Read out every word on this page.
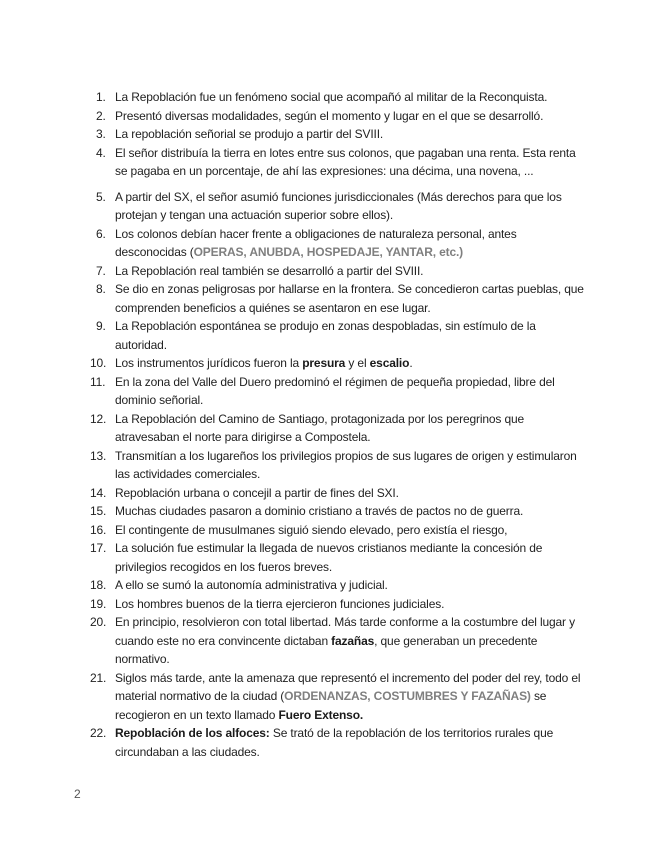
1. La Repoblación fue un fenómeno social que acompañó al militar de la Reconquista.
2. Presentó diversas modalidades, según el momento y lugar en el que se desarrolló.
3. La repoblación señorial se produjo a partir del SVIII.
4. El señor distribuía la tierra en lotes entre sus colonos, que pagaban una renta. Esta renta se pagaba en un porcentaje, de ahí las expresiones: una décima, una novena, ...
5. A partir del SX, el señor asumió funciones jurisdiccionales (Más derechos para que los protejan y tengan una actuación superior sobre ellos).
6. Los colonos debían hacer frente a obligaciones de naturaleza personal, antes desconocidas (OPERAS, ANUBDA, HOSPEDAJE, YANTAR, etc.)
7. La Repoblación real también se desarrolló a partir del SVIII.
8. Se dio en zonas peligrosas por hallarse en la frontera. Se concedieron cartas pueblas, que comprenden beneficios a quiénes se asentaron en ese lugar.
9. La Repoblación espontánea se produjo en zonas despobladas, sin estímulo de la autoridad.
10. Los instrumentos jurídicos fueron la presura y el escalio.
11. En la zona del Valle del Duero predominó el régimen de pequeña propiedad, libre del dominio señorial.
12. La Repoblación del Camino de Santiago, protagonizada por los peregrinos que atravesaban el norte para dirigirse a Compostela.
13. Transmitían a los lugareños los privilegios propios de sus lugares de origen y estimularon las actividades comerciales.
14. Repoblación urbana o concejil a partir de fines del SXI.
15. Muchas ciudades pasaron a dominio cristiano a través de pactos no de guerra.
16. El contingente de musulmanes siguió siendo elevado, pero existía el riesgo,
17. La solución fue estimular la llegada de nuevos cristianos mediante la concesión de privilegios recogidos en los fueros breves.
18. A ello se sumó la autonomía administrativa y judicial.
19. Los hombres buenos de la tierra ejercieron funciones judiciales.
20. En principio, resolvieron con total libertad. Más tarde conforme a la costumbre del lugar y cuando este no era convincente dictaban fazañas, que generaban un precedente normativo.
21. Siglos más tarde, ante la amenaza que representó el incremento del poder del rey, todo el material normativo de la ciudad (ORDENANZAS, COSTUMBRES Y FAZAÑAS) se recogieron en un texto llamado Fuero Extenso.
22. Repoblación de los alfoces: Se trató de la repoblación de los territorios rurales que circundaban a las ciudades.
2
